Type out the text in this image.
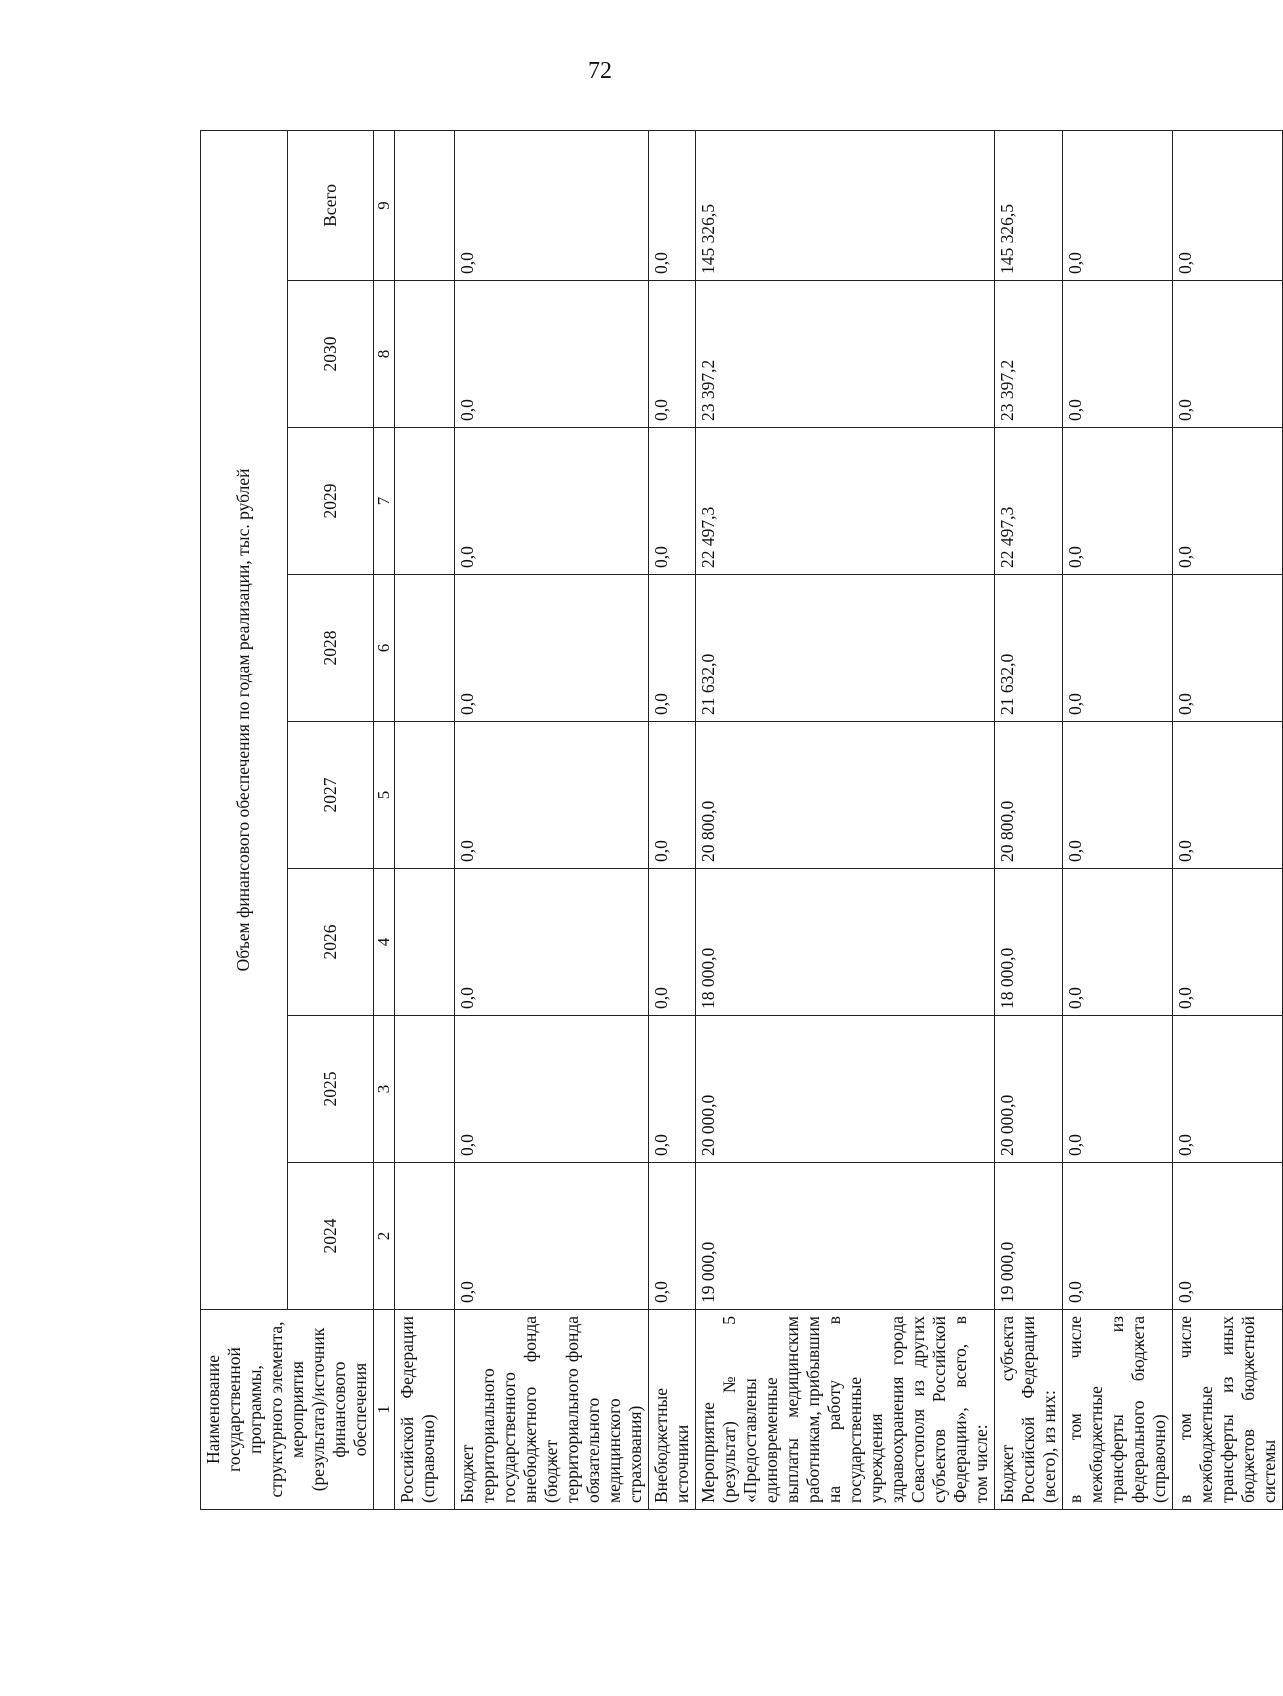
72
Наименование государственной программы, структурного элемента, мероприятия (результата)/источник финансового обеспечения	Объем финансового обеспечения по годам реализации, тыс. рублей							
	2024	2025	2026	2027	2028	2029	2030	Всего
1	2	3	4	5	6	7	8	9
Российской Федерации (справочно)								
Бюджет территориального государственного внебюджетного фонда (бюджет территориального фонда обязательного медицинского страхования)	0,0	0,0	0,0	0,0	0,0	0,0	0,0	0,0
Внебюджетные источники	0,0	0,0	0,0	0,0	0,0	0,0	0,0	0,0
Мероприятие (результат) № 5 «Предоставлены единовременные выплаты медицинским работникам, прибывшим на работу в государственные учреждения здравоохранения города Севастополя из других субъектов Российской Федерации», всего, в том числе:	19 000,0	20 000,0	18 000,0	20 800,0	21 632,0	22 497,3	23 397,2	145 326,5
Бюджет субъекта Российской Федерации (всего), из них:	19 000,0	20 000,0	18 000,0	20 800,0	21 632,0	22 497,3	23 397,2	145 326,5
в том числе межбюджетные трансферты из федерального бюджета (справочно)	0,0	0,0	0,0	0,0	0,0	0,0	0,0	0,0
в том числе межбюджетные трансферты из иных бюджетов бюджетной системы	0,0	0,0	0,0	0,0	0,0	0,0	0,0	0,0
